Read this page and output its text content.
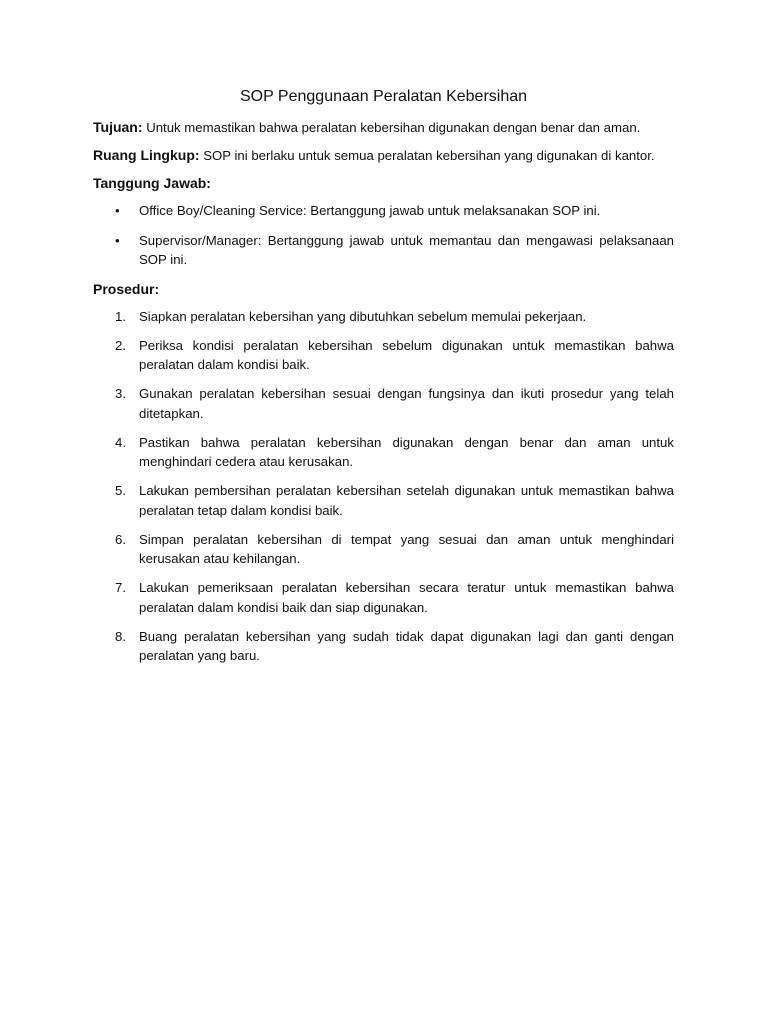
SOP Penggunaan Peralatan Kebersihan

Tujuan: Untuk memastikan bahwa peralatan kebersihan digunakan dengan benar dan aman.

Ruang Lingkup: SOP ini berlaku untuk semua peralatan kebersihan yang digunakan di kantor.

Tanggung Jawab:
• Office Boy/Cleaning Service: Bertanggung jawab untuk melaksanakan SOP ini.
• Supervisor/Manager: Bertanggung jawab untuk memantau dan mengawasi pelaksanaan SOP ini.
Prosedur:
1. Siapkan peralatan kebersihan yang dibutuhkan sebelum memulai pekerjaan.
2. Periksa kondisi peralatan kebersihan sebelum digunakan untuk memastikan bahwa peralatan dalam kondisi baik.
3. Gunakan peralatan kebersihan sesuai dengan fungsinya dan ikuti prosedur yang telah ditetapkan.
4. Pastikan bahwa peralatan kebersihan digunakan dengan benar dan aman untuk menghindari cedera atau kerusakan.
5. Lakukan pembersihan peralatan kebersihan setelah digunakan untuk memastikan bahwa peralatan tetap dalam kondisi baik.
6. Simpan peralatan kebersihan di tempat yang sesuai dan aman untuk menghindari kerusakan atau kehilangan.
7. Lakukan pemeriksaan peralatan kebersihan secara teratur untuk memastikan bahwa peralatan dalam kondisi baik dan siap digunakan.
8. Buang peralatan kebersihan yang sudah tidak dapat digunakan lagi dan ganti dengan peralatan yang baru.
